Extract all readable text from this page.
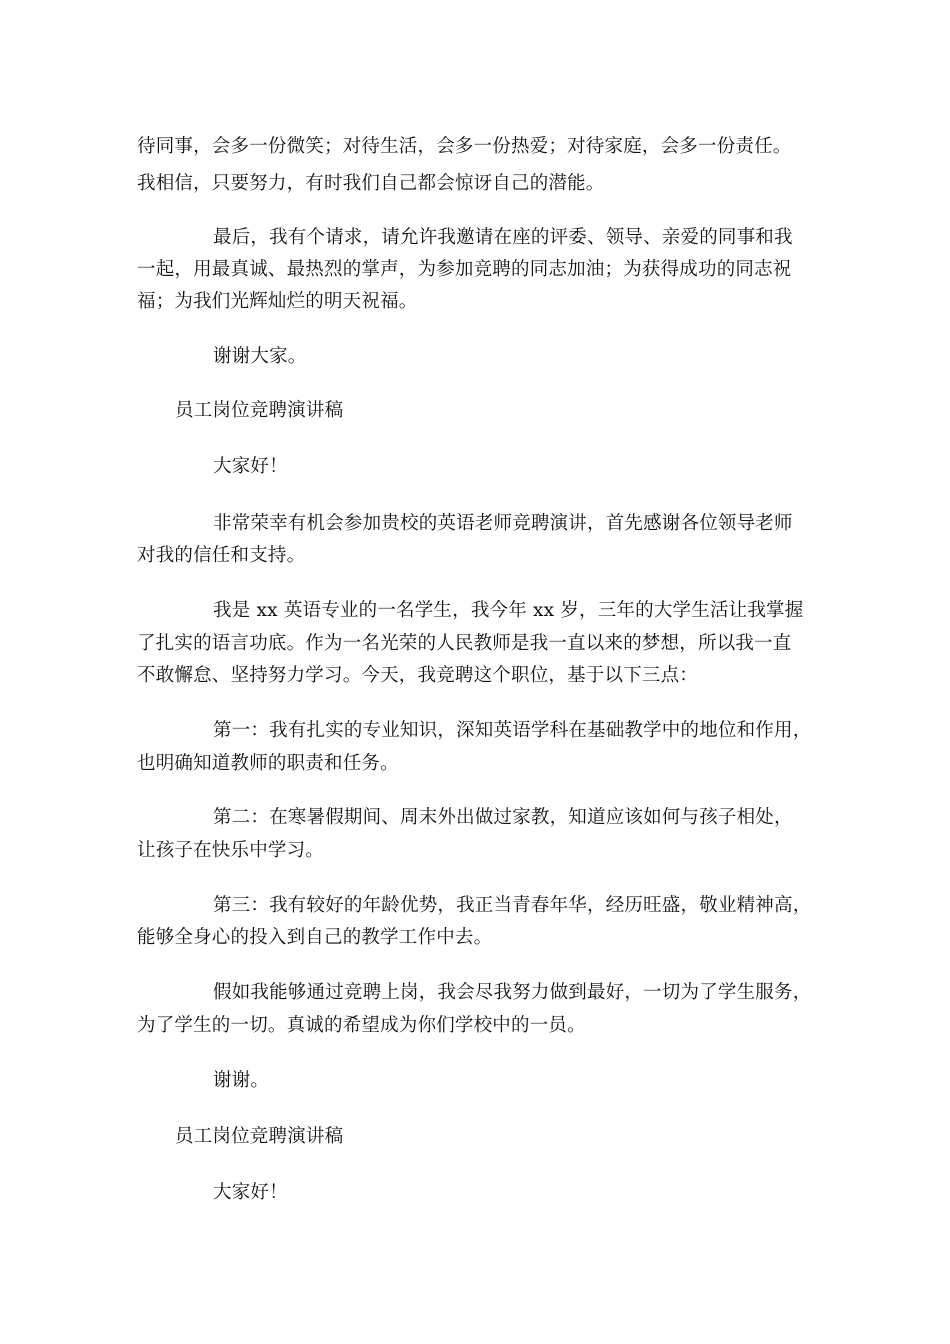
待同事，会多一份微笑；对待生活，会多一份热爱；对待家庭，会多一份责任。
我相信，只要努力，有时我们自己都会惊讶自己的潜能。
最后，我有个请求，请允许我邀请在座的评委、领导、亲爱的同事和我
一起，用最真诚、最热烈的掌声，为参加竞聘的同志加油；为获得成功的同志祝
福；为我们光辉灿烂的明天祝福。
谢谢大家。
员工岗位竞聘演讲稿
大家好！
非常荣幸有机会参加贵校的英语老师竞聘演讲，首先感谢各位领导老师
对我的信任和支持。
我是 xx 英语专业的一名学生，我今年 xx 岁，三年的大学生活让我掌握
了扎实的语言功底。作为一名光荣的人民教师是我一直以来的梦想，所以我一直
不敢懈怠、坚持努力学习。今天，我竞聘这个职位，基于以下三点：
第一：我有扎实的专业知识，深知英语学科在基础教学中的地位和作用，
也明确知道教师的职责和任务。
第二：在寒暑假期间、周末外出做过家教，知道应该如何与孩子相处，
让孩子在快乐中学习。
第三：我有较好的年龄优势，我正当青春年华，经历旺盛，敬业精神高，
能够全身心的投入到自己的教学工作中去。
假如我能够通过竞聘上岗，我会尽我努力做到最好，一切为了学生服务，
为了学生的一切。真诚的希望成为你们学校中的一员。
谢谢。
员工岗位竞聘演讲稿
大家好！
